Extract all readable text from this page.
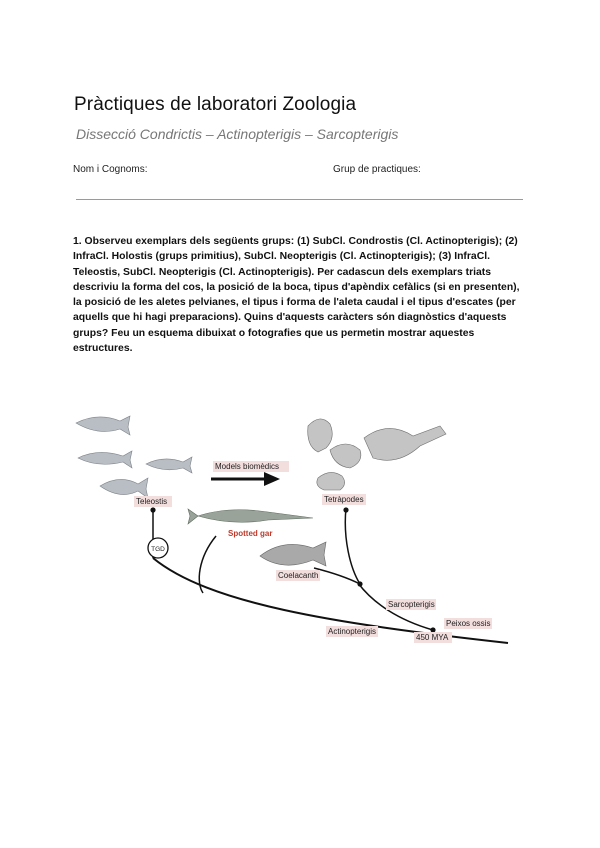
Pràctiques de laboratori Zoologia
Dissecció Condrictis – Actinopterigis – Sarcopterigis
Nom i Cognoms:	Grup de practiques:
1. Observeu exemplars dels següents grups: (1) SubCl. Condrostis (Cl. Actinopterigis); (2) InfraCl. Holostis (grups primitius), SubCl. Neopterigis (Cl. Actinopterigis); (3) InfraCl. Teleostis, SubCl. Neopterigis (Cl. Actinopterigis). Per cadascun dels exemplars triats descriviu la forma del cos, la posició de la boca, tipus d'apèndix cefàlics (si en presenten), la posició de les aletes pelvianes, el tipus i forma de l'aleta caudal i el tipus d'escates (per aquells que hi hagi preparacions). Quins d'aquests caràcters són diagnòstics d'aquests grups? Feu un esquema dibuixat o fotografies que us permetin mostrar aquestes estructures.
TGD
Teleostis
Models biomèdics
Spotted gar
Tetràpodes
Coelacanth
Sarcopterigis
Peixos ossis
Actinopterigis
450 MYA
